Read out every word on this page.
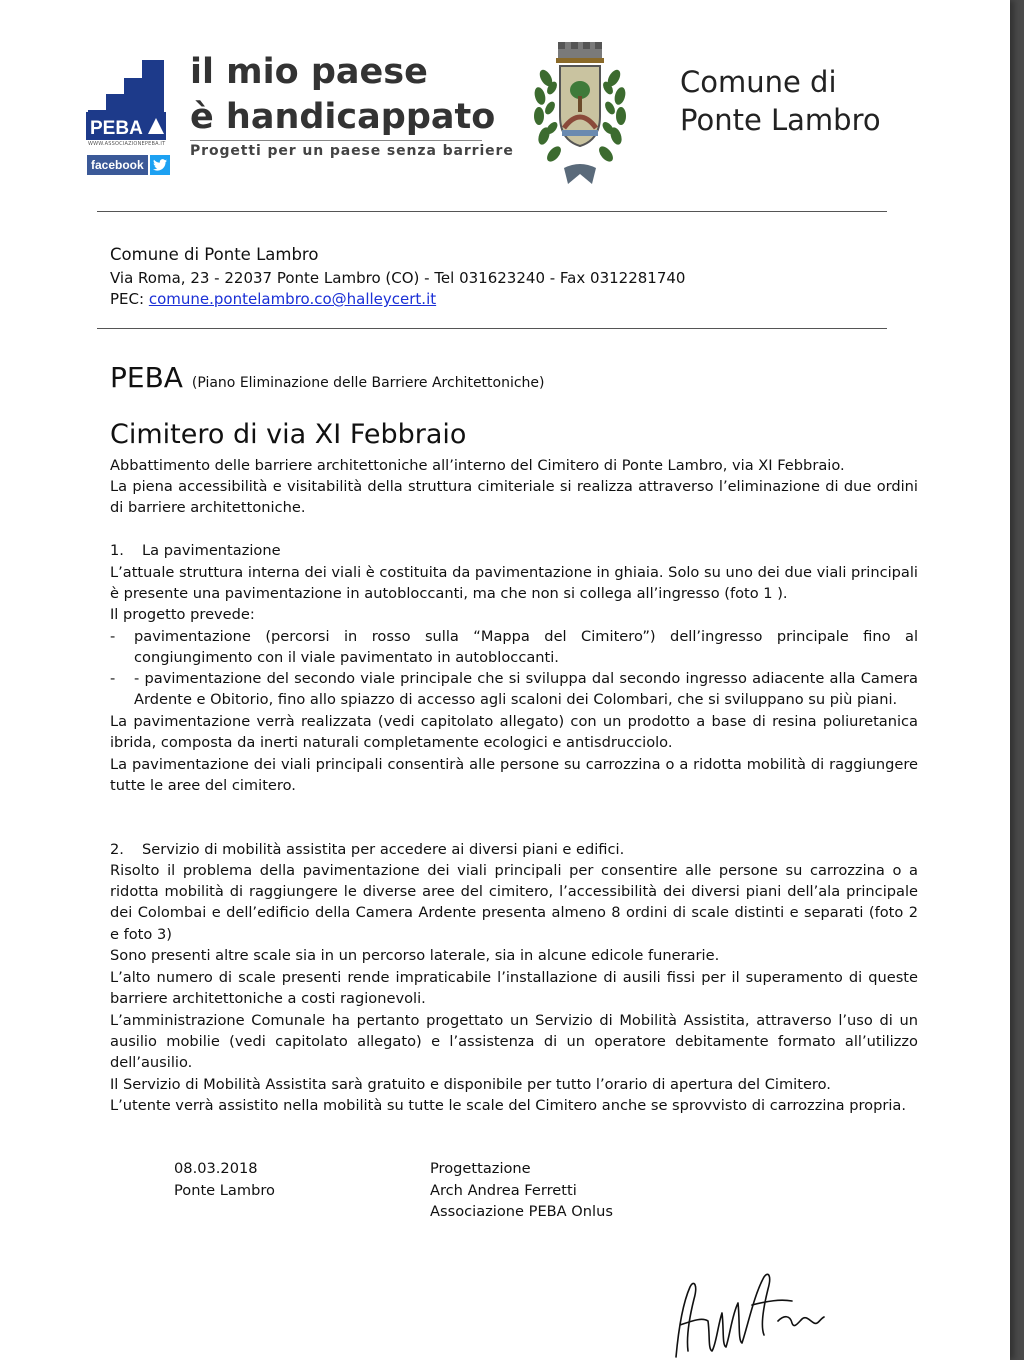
PEBA
WWW.ASSOCIAZIONEPEBA.IT
facebook
il mio paese
è handicappato
Progetti per un paese senza barriere
Comune di
Ponte Lambro
Comune di Ponte Lambro
Via Roma, 23 - 22037 Ponte Lambro (CO) - Tel 031623240 - Fax 0312281740
PEC: comune.pontelambro.co@halleycert.it
PEBA (Piano Eliminazione delle Barriere Architettoniche)
Cimitero di via XI Febbraio
Abbattimento delle barriere architettoniche all’interno del Cimitero di Ponte Lambro, via XI Febbraio.
La piena accessibilità e visitabilità della struttura cimiteriale si realizza attraverso l’eliminazione di due ordini di barriere architettoniche.
1. La pavimentazione
L’attuale struttura interna dei viali è costituita da pavimentazione in ghiaia. Solo su uno dei due viali principali è presente una pavimentazione in autobloccanti, ma che non si collega all’ingresso (foto 1 ).
Il progetto prevede:
- pavimentazione (percorsi in rosso sulla “Mappa del Cimitero”) dell’ingresso principale fino al congiungimento con il viale pavimentato in autobloccanti.
- - pavimentazione del secondo viale principale che si sviluppa dal secondo ingresso adiacente alla Camera Ardente e Obitorio, fino allo spiazzo di accesso agli scaloni dei Colombari, che si sviluppano su più piani.
La pavimentazione verrà realizzata (vedi capitolato allegato) con un prodotto a base di resina poliuretanica ibrida, composta da inerti naturali completamente ecologici e antisdrucciolo.
La pavimentazione dei viali principali consentirà alle persone su carrozzina o a ridotta mobilità di raggiungere tutte le aree del cimitero.
2. Servizio di mobilità assistita per accedere ai diversi piani e edifici.
Risolto il problema della pavimentazione dei viali principali per consentire alle persone su carrozzina o a ridotta mobilità di raggiungere le diverse aree del cimitero, l’accessibilità dei diversi piani dell’ala principale dei Colombai e dell’edificio della Camera Ardente presenta almeno 8 ordini di scale distinti e separati (foto 2 e foto 3)
Sono presenti altre scale sia in un percorso laterale, sia in alcune edicole funerarie.
L’alto numero di scale presenti rende impraticabile l’installazione di ausili fissi per il superamento di queste barriere architettoniche a costi ragionevoli.
L’amministrazione Comunale ha pertanto progettato un Servizio di Mobilità Assistita, attraverso l’uso di un ausilio mobilie (vedi capitolato allegato) e l’assistenza di un operatore debitamente formato all’utilizzo dell’ausilio.
Il Servizio di Mobilità Assistita sarà gratuito e disponibile per tutto l’orario di apertura del Cimitero.
L’utente verrà assistito nella mobilità su tutte le scale del Cimitero anche se sprovvisto di carrozzina propria.
08.03.2018
Ponte Lambro
Progettazione
Arch Andrea Ferretti
Associazione PEBA Onlus
